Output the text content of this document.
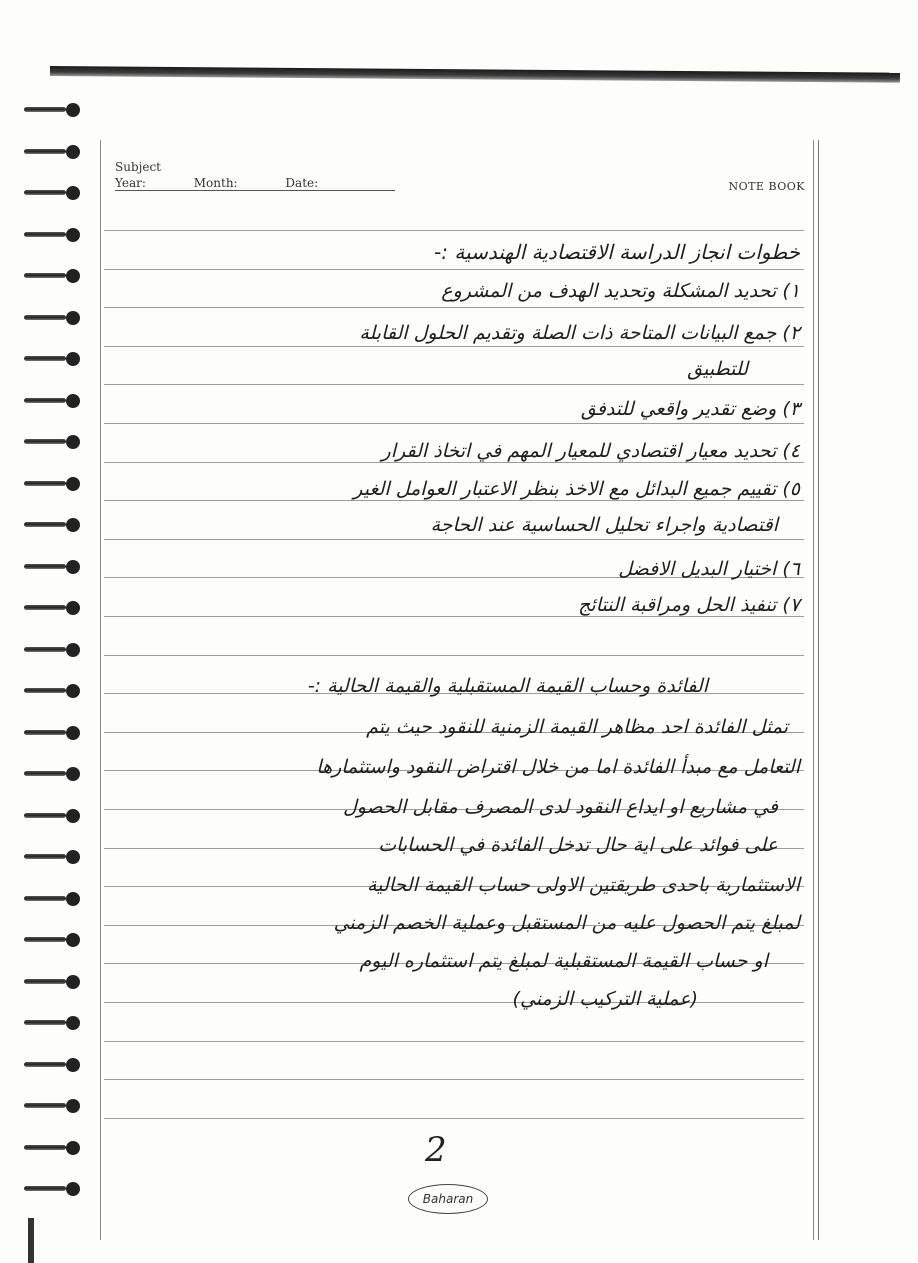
Subject
Year:	Month:	Date:	NOTE BOOK
خطوات انجاز الدراسة الاقتصادية الهندسية :-
١) تحديد المشكلة وتحديد الهدف من المشروع
٢) جمع البيانات المتاحة ذات الصلة وتقديم الحلول القابلة
للتطبيق
٣) وضع تقدير واقعي للتدفق
٤) تحديد معيار اقتصادي للمعيار المهم في اتخاذ القرار
٥) تقييم جميع البدائل مع الاخذ بنظر الاعتبار العوامل الغير
اقتصادية واجراء تحليل الحساسية عند الحاجة
٦) اختيار البديل الافضل
٧) تنفيذ الحل ومراقبة النتائج
الفائدة وحساب القيمة المستقبلية والقيمة الحالية :-
تمثل الفائدة احد مظاهر القيمة الزمنية للنقود حيث يتم
التعامل مع مبدأ الفائدة اما من خلال اقتراض النقود واستثمارها
في مشاريع او ايداع النقود لدى المصرف مقابل الحصول
على فوائد على اية حال تدخل الفائدة في الحسابات
الاستثمارية باحدى طريقتين الاولى حساب القيمة الحالية
لمبلغ يتم الحصول عليه من المستقبل وعملية الخصم الزمني
او حساب القيمة المستقبلية لمبلغ يتم استثماره اليوم
(عملية التركيب الزمني)
2
Baharan
